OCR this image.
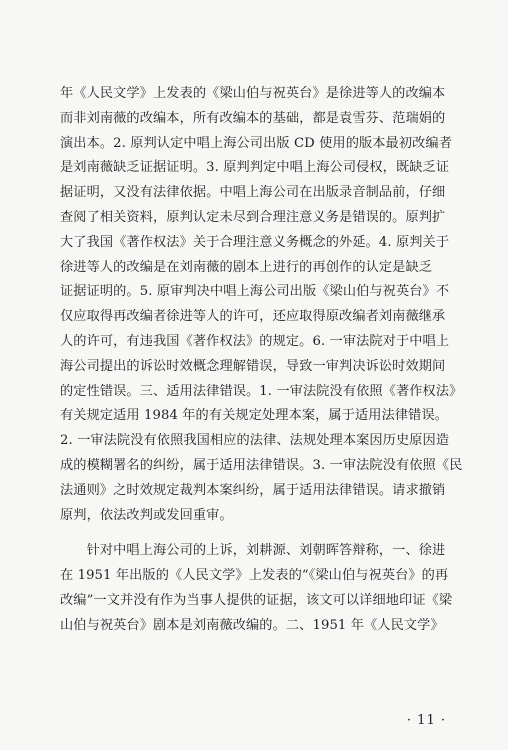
年《人民文学》上发表的《梁山伯与祝英台》是徐进等人的改编本
而非刘南薇的改编本，所有改编本的基础，都是袁雪芬、范瑞娟的
演出本。2. 原判认定中唱上海公司出版 CD 使用的版本最初改编者
是刘南薇缺乏证据证明。3. 原判判定中唱上海公司侵权，既缺乏证
据证明，又没有法律依据。中唱上海公司在出版录音制品前，仔细
查阅了相关资料，原判认定未尽到合理注意义务是错误的。原判扩
大了我国《著作权法》关于合理注意义务概念的外延。4. 原判关于
徐进等人的改编是在刘南薇的剧本上进行的再创作的认定是缺乏
证据证明的。5. 原审判决中唱上海公司出版《梁山伯与祝英台》不
仅应取得再改编者徐进等人的许可，还应取得原改编者刘南薇继承
人的许可，有违我国《著作权法》的规定。6. 一审法院对于中唱上
海公司提出的诉讼时效概念理解错误，导致一审判决诉讼时效期间
的定性错误。三、适用法律错误。1. 一审法院没有依照《著作权法》
有关规定适用 1984 年的有关规定处理本案，属于适用法律错误。
2. 一审法院没有依照我国相应的法律、法规处理本案因历史原因造
成的模糊署名的纠纷，属于适用法律错误。3. 一审法院没有依照《民
法通则》之时效规定裁判本案纠纷，属于适用法律错误。请求撤销
原判，依法改判或发回重审。
　　针对中唱上海公司的上诉，刘耕源、刘朝晖答辩称，一、徐进
在 1951 年出版的《人民文学》上发表的“《梁山伯与祝英台》的再
改编”一文并没有作为当事人提供的证据，该文可以详细地印证《梁
山伯与祝英台》剧本是刘南薇改编的。二、1951 年《人民文学》
· 11 ·
